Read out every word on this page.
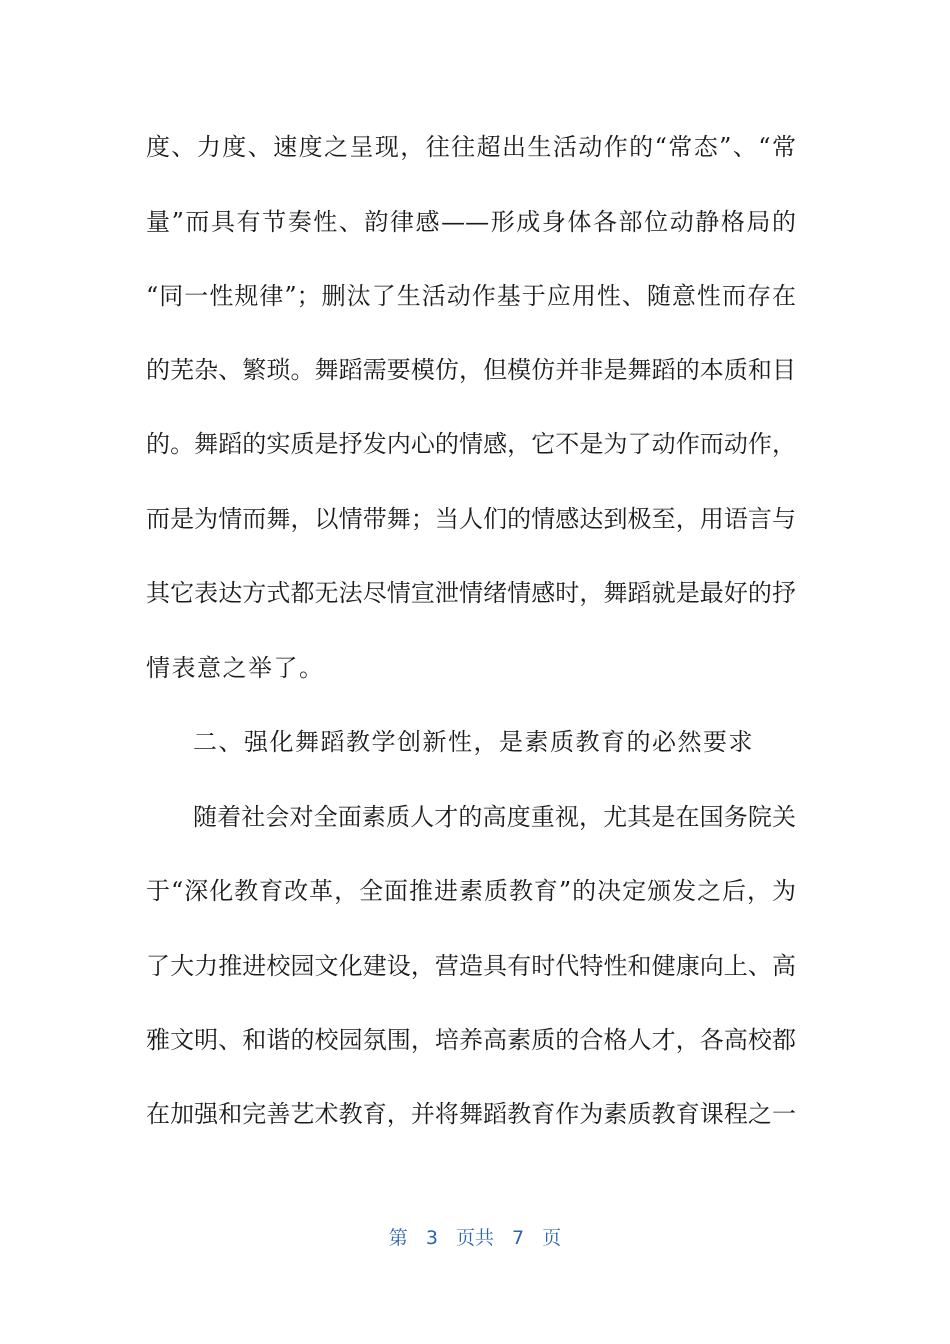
度、力度、速度之呈现，往往超出生活动作的“常态”、“常
量”而具有节奏性、韵律感——形成身体各部位动静格局的
“同一性规律”；删汰了生活动作基于应用性、随意性而存在
的芜杂、繁琐。舞蹈需要模仿，但模仿并非是舞蹈的本质和目
的。舞蹈的实质是抒发内心的情感，它不是为了动作而动作，
而是为情而舞，以情带舞；当人们的情感达到极至，用语言与
其它表达方式都无法尽情宣泄情绪情感时，舞蹈就是最好的抒
情表意之举了。
二、强化舞蹈教学创新性，是素质教育的必然要求
随着社会对全面素质人才的高度重视，尤其是在国务院关
于“深化教育改革，全面推进素质教育”的决定颁发之后，为
了大力推进校园文化建设，营造具有时代特性和健康向上、高
雅文明、和谐的校园氛围，培养高素质的合格人才，各高校都
在加强和完善艺术教育，并将舞蹈教育作为素质教育课程之一
第 3 页共 7 页
